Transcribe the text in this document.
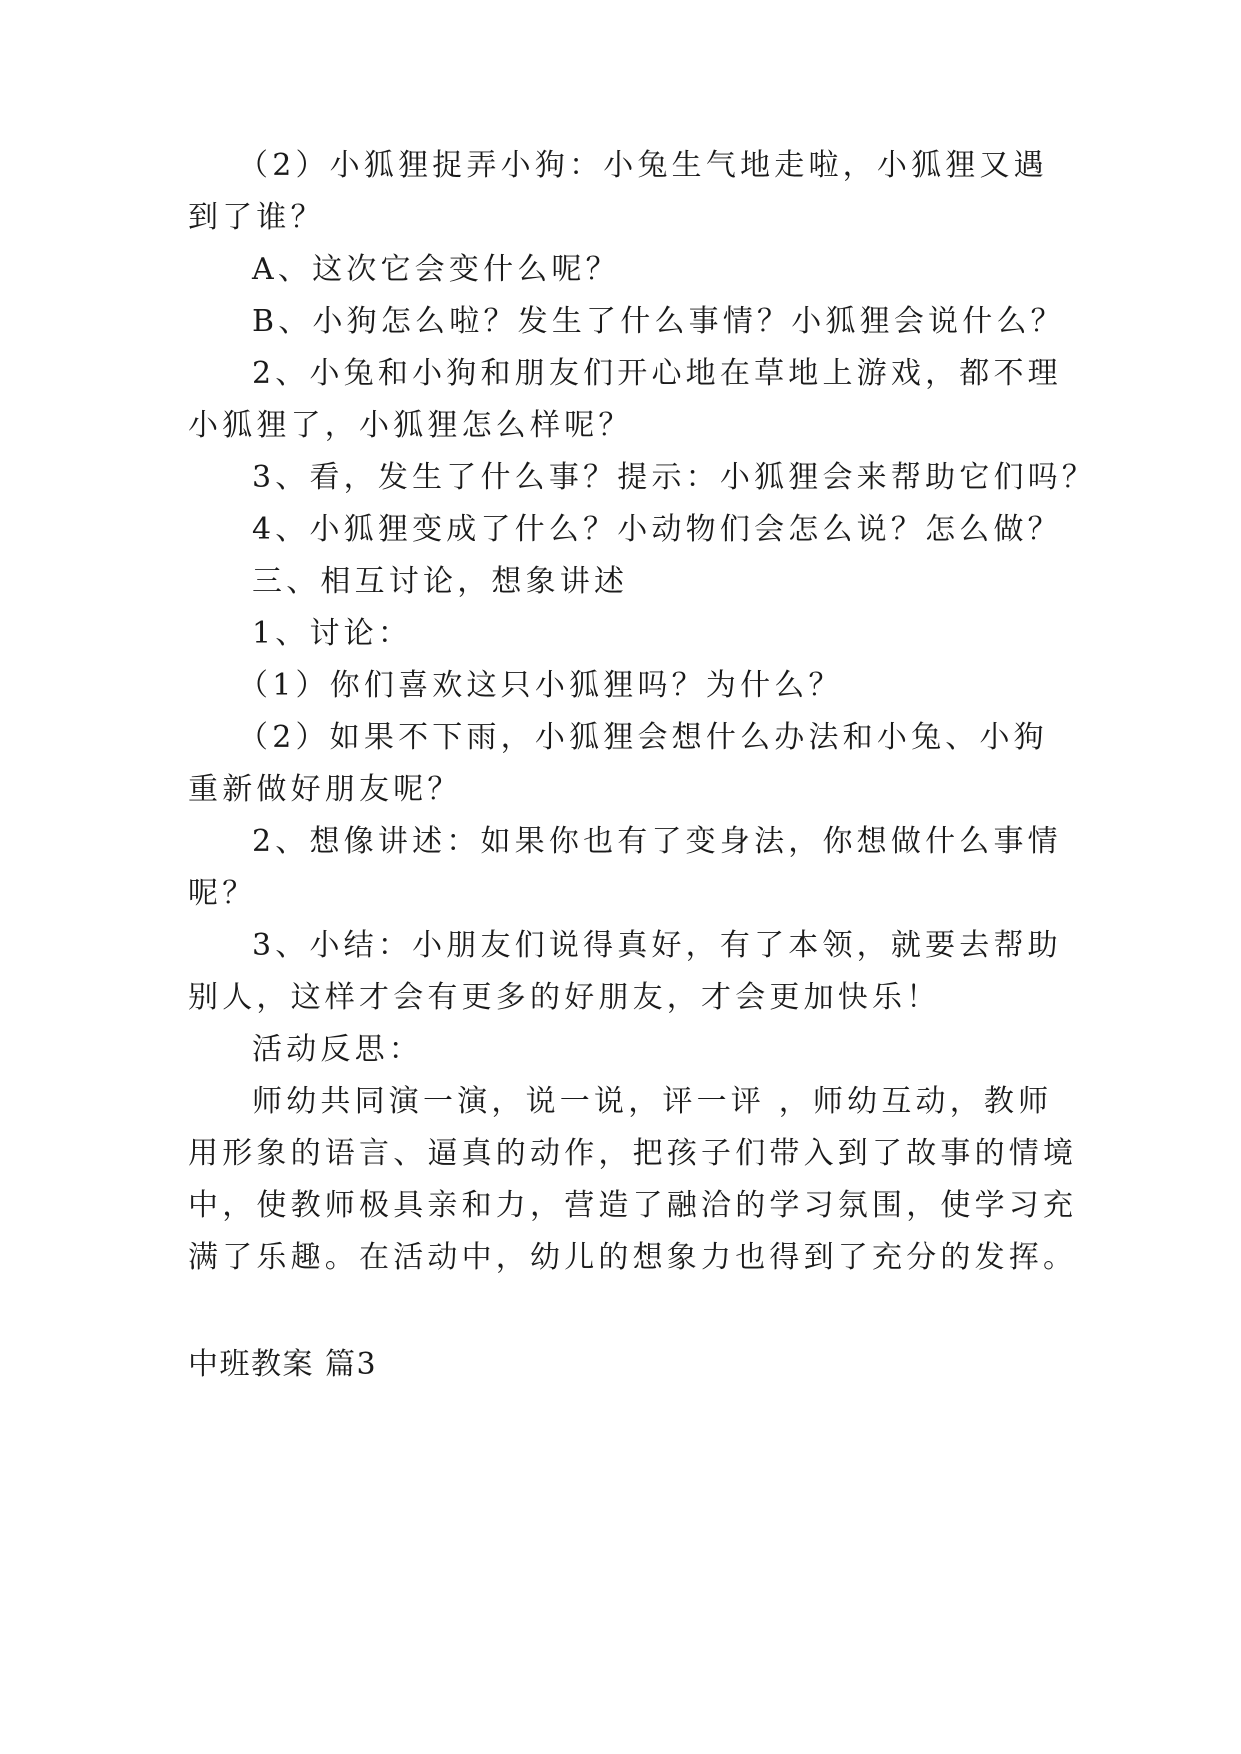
（2）小狐狸捉弄小狗：小兔生气地走啦，小狐狸又遇
到了谁？
A、这次它会变什么呢？
B、小狗怎么啦？发生了什么事情？小狐狸会说什么？
2、小兔和小狗和朋友们开心地在草地上游戏，都不理
小狐狸了，小狐狸怎么样呢？
3、看，发生了什么事？提示：小狐狸会来帮助它们吗？
4、小狐狸变成了什么？小动物们会怎么说？怎么做？
三、相互讨论，想象讲述
1、讨论：
（1）你们喜欢这只小狐狸吗？为什么？
（2）如果不下雨，小狐狸会想什么办法和小兔、小狗
重新做好朋友呢？
2、想像讲述：如果你也有了变身法，你想做什么事情
呢？
3、小结：小朋友们说得真好，有了本领，就要去帮助
别人，这样才会有更多的好朋友，才会更加快乐！
活动反思：
师幼共同演一演，说一说，评一评 ，师幼互动，教师
用形象的语言、逼真的动作，把孩子们带入到了故事的情境
中，使教师极具亲和力，营造了融洽的学习氛围，使学习充
满了乐趣。在活动中，幼儿的想象力也得到了充分的发挥。
中班教案 篇3
